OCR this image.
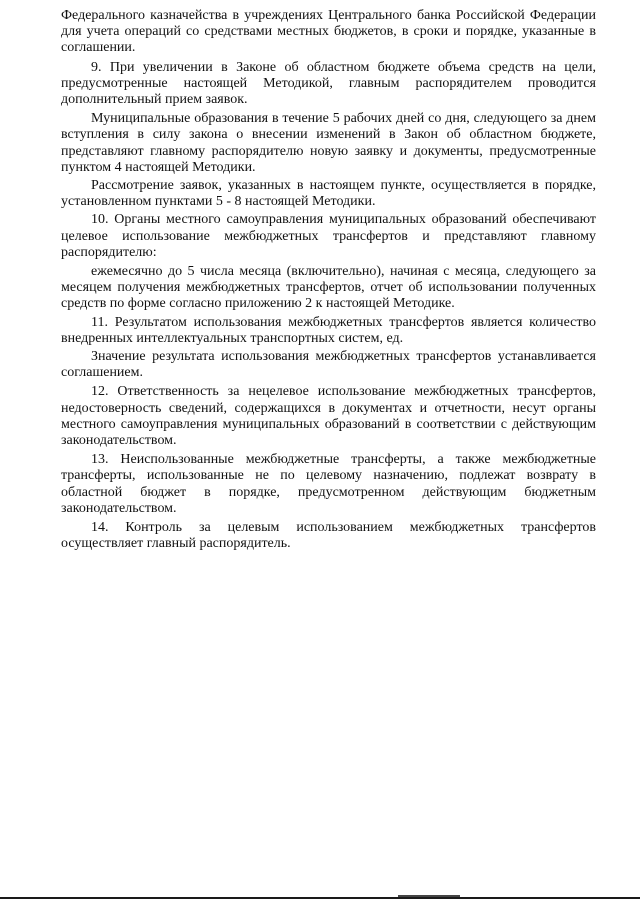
Федерального казначейства в учреждениях Центрального банка Российской Федерации для учета операций со средствами местных бюджетов, в сроки и порядке, указанные в соглашении.

9. При увеличении в Законе об областном бюджете объема средств на цели, предусмотренные настоящей Методикой, главным распорядителем проводится дополнительный прием заявок.

Муниципальные образования в течение 5 рабочих дней со дня, следующего за днем вступления в силу закона о внесении изменений в Закон об областном бюджете, представляют главному распорядителю новую заявку и документы, предусмотренные пунктом 4 настоящей Методики.

Рассмотрение заявок, указанных в настоящем пункте, осуществляется в порядке, установленном пунктами 5 - 8 настоящей Методики.

10. Органы местного самоуправления муниципальных образований обеспечивают целевое использование межбюджетных трансфертов и представляют главному распорядителю:

ежемесячно до 5 числа месяца (включительно), начиная с месяца, следующего за месяцем получения межбюджетных трансфертов, отчет об использовании полученных средств по форме согласно приложению 2 к настоящей Методике.

11. Результатом использования межбюджетных трансфертов является количество внедренных интеллектуальных транспортных систем, ед.

Значение результата использования межбюджетных трансфертов устанавливается соглашением.

12. Ответственность за нецелевое использование межбюджетных трансфертов, недостоверность сведений, содержащихся в документах и отчетности, несут органы местного самоуправления муниципальных образований в соответствии с действующим законодательством.

13. Неиспользованные межбюджетные трансферты, а также межбюджетные трансферты, использованные не по целевому назначению, подлежат возврату в областной бюджет в порядке, предусмотренном действующим бюджетным законодательством.

14. Контроль за целевым использованием межбюджетных трансфертов осуществляет главный распорядитель.
